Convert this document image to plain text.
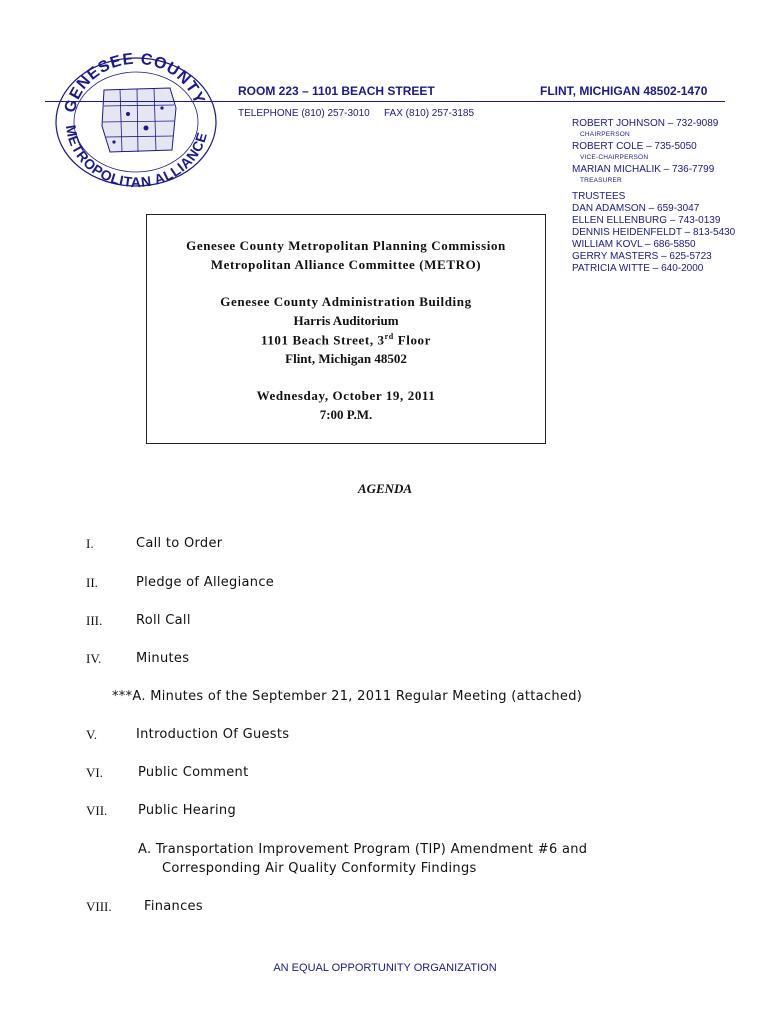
GENESEE COUNTY
METROPOLITAN ALLIANCE
ROOM 223 – 1101 BEACH STREET	FLINT, MICHIGAN 48502-1470
TELEPHONE (810) 257-3010 FAX (810) 257-3185
ROBERT JOHNSON – 732-9089
CHAIRPERSON
ROBERT COLE – 735-5050
VICE-CHAIRPERSON
MARIAN MICHALIK – 736-7799
TREASURER
TRUSTEES
DAN ADAMSON – 659-3047
ELLEN ELLENBURG – 743-0139
DENNIS HEIDENFELDT – 813-5430
WILLIAM KOVL – 686-5850
GERRY MASTERS – 625-5723
PATRICIA WITTE – 640-2000
Genesee County Metropolitan Planning Commission
Metropolitan Alliance Committee (METRO)
Genesee County Administration Building
Harris Auditorium
1101 Beach Street, 3rd Floor
Flint, Michigan 48502
Wednesday, October 19, 2011
7:00 P.M.
AGENDA
I.	Call to Order
II.	Pledge of Allegiance
III.	Roll Call
IV.	Minutes
***A. Minutes of the September 21, 2011 Regular Meeting (attached)
V.	Introduction Of Guests
VI.	Public Comment
VII. Public Hearing
A. Transportation Improvement Program (TIP) Amendment #6 and
Corresponding Air Quality Conformity Findings
VIII. Finances
AN EQUAL OPPORTUNITY ORGANIZATION
